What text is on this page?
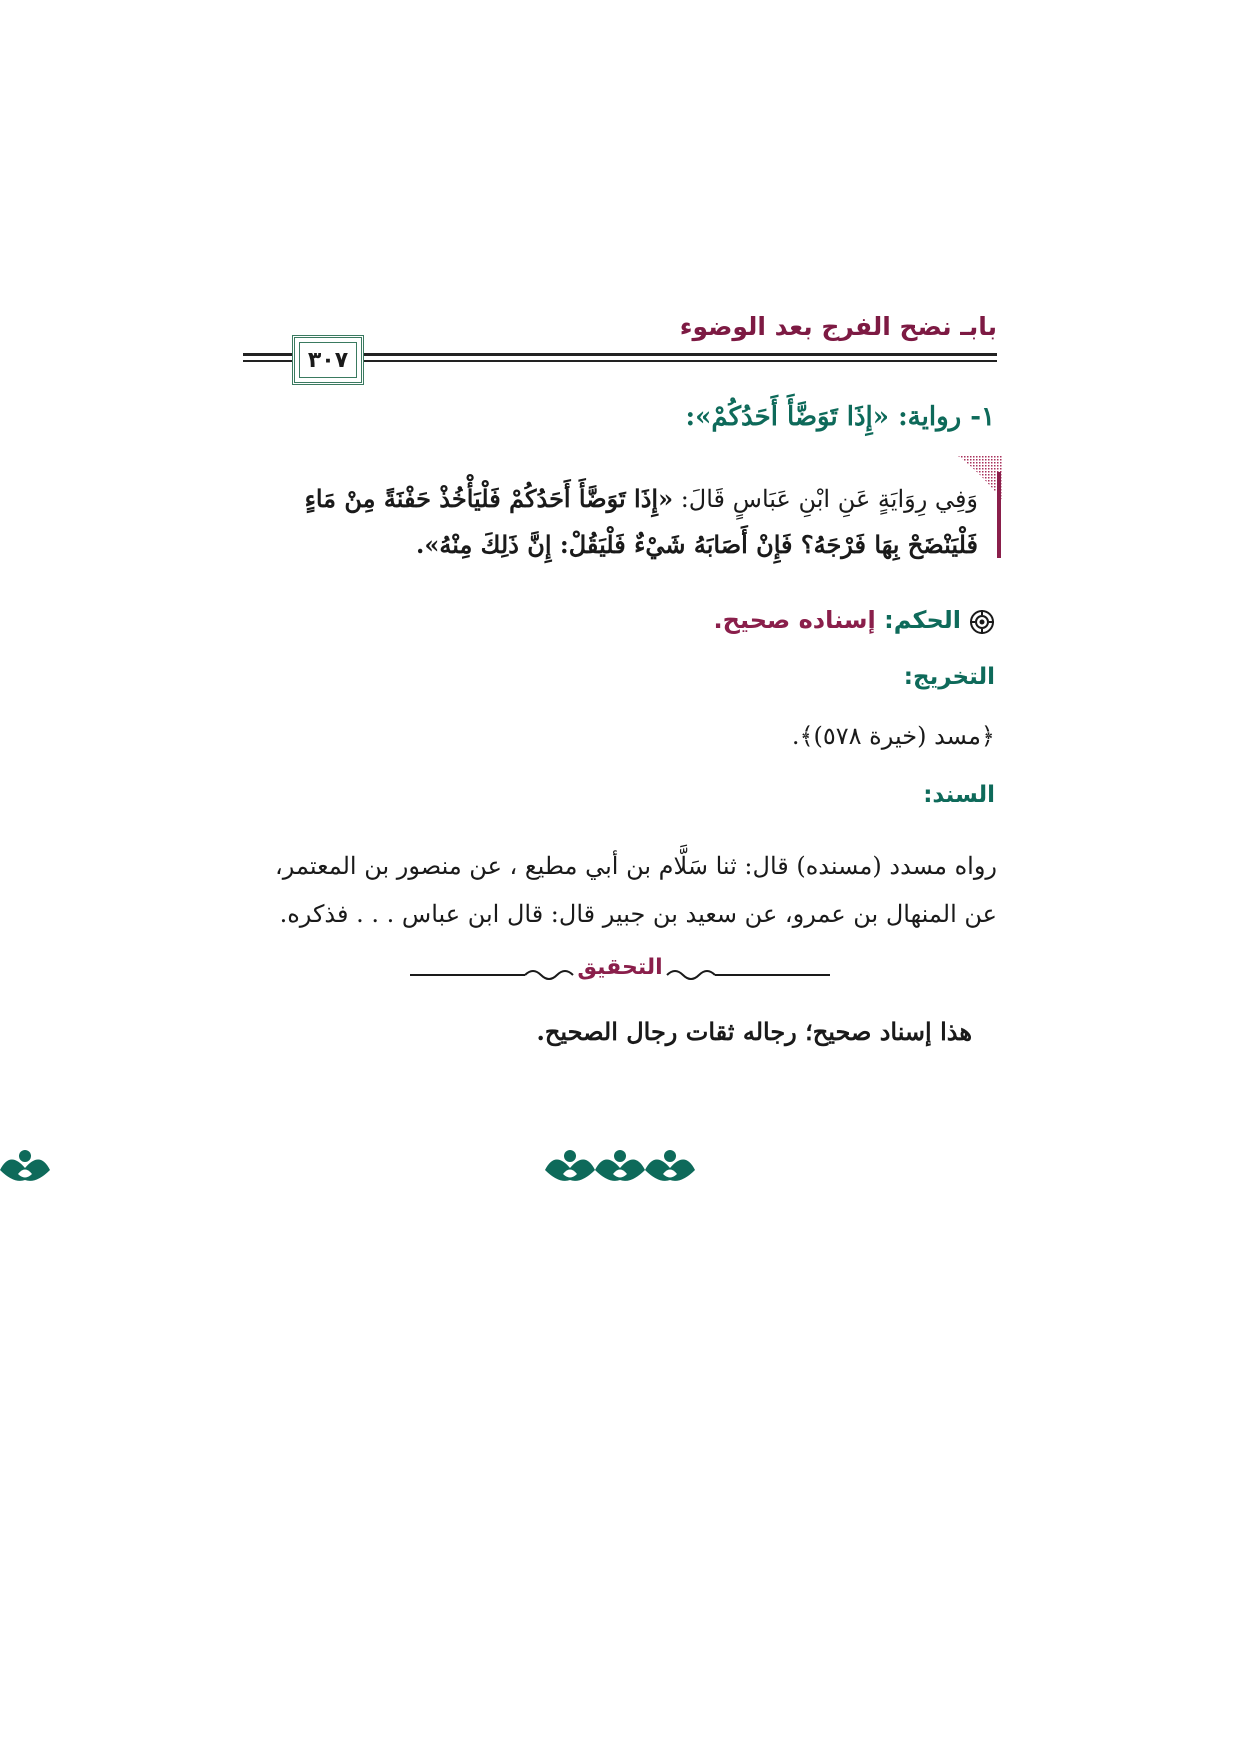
بابـ نضح الفرج بعد الوضوء
٣٠٧
١- رواية: «إِذَا تَوَضَّأَ أَحَدُكُمْ»:
وَفِي رِوَايَةٍ عَنِ ابْنِ عَبَاسٍ قَالَ: «إِذَا تَوَضَّأَ أَحَدُكُمْ فَلْيَأْخُذْ حَفْنَةً مِنْ مَاءٍ
فَلْيَنْضَحْ بِهَا فَرْجَهُ؟ فَإِنْ أَصَابَهُ شَيْءٌ فَلْيَقُلْ: إِنَّ ذَلِكَ مِنْهُ».
الحكم: إسناده صحيح.
التخريج:
﴿مسد (خيرة ٥٧٨)﴾.
السند:
رواه مسدد (مسنده) قال: ثنا سَلَّام بن أبي مطيع ، عن منصور بن المعتمر،
عن المنهال بن عمرو، عن سعيد بن جبير قال: قال ابن عباس . . . فذكره.
التحقيق
هذا إسناد صحيح؛ رجاله ثقات رجال الصحيح.
